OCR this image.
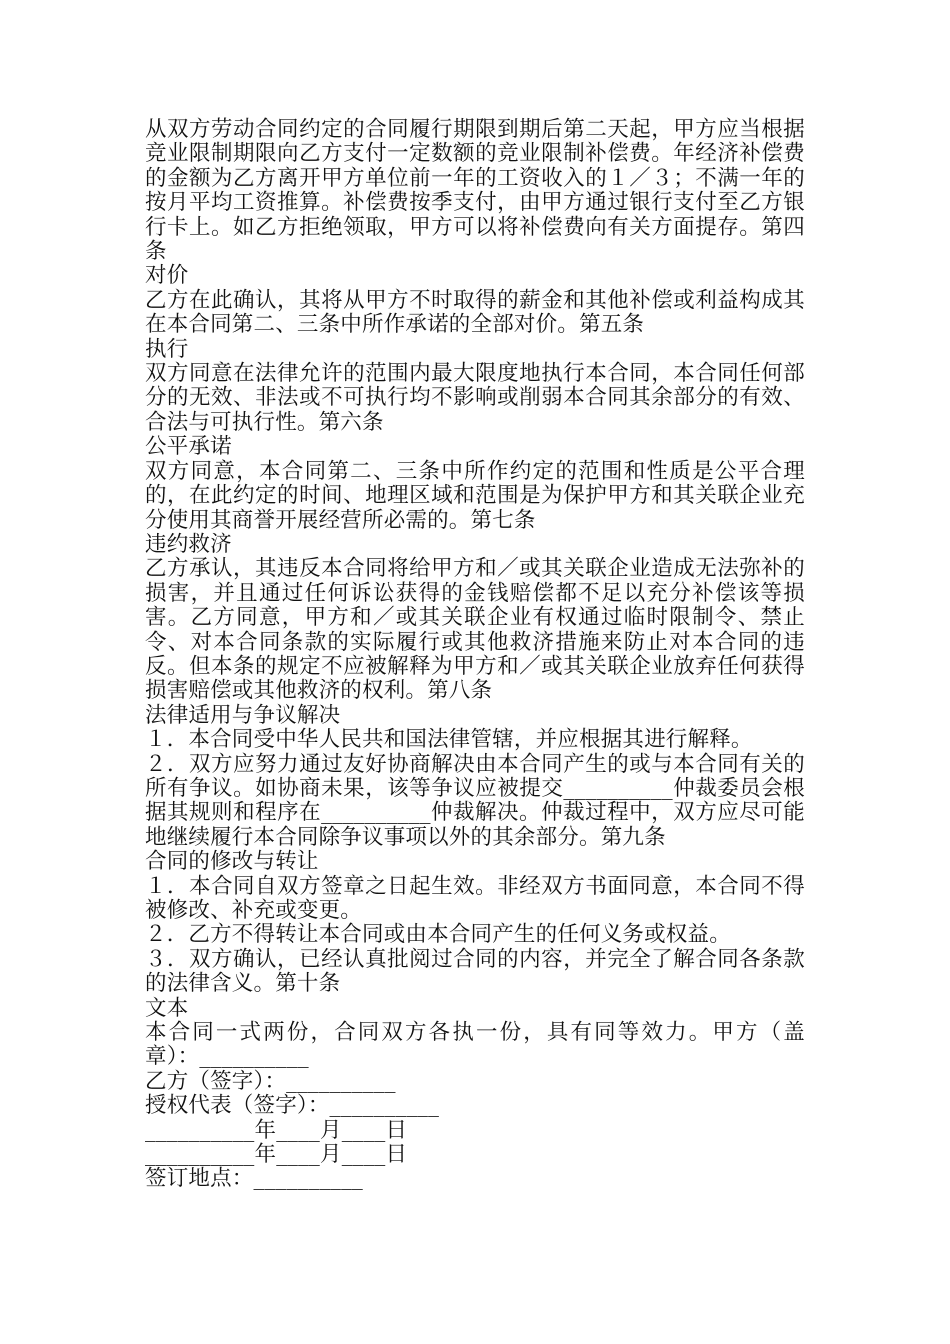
从双方劳动合同约定的合同履行期限到期后第二天起，甲方应当根据竞业限制期限向乙方支付一定数额的竞业限制补偿费。年经济补偿费的金额为乙方离开甲方单位前一年的工资收入的１／３；不满一年的按月平均工资推算。补偿费按季支付，由甲方通过银行支付至乙方银行卡上。如乙方拒绝领取，甲方可以将补偿费向有关方面提存。第四条
对价
乙方在此确认，其将从甲方不时取得的薪金和其他补偿或利益构成其在本合同第二、三条中所作承诺的全部对价。第五条
执行
双方同意在法律允许的范围内最大限度地执行本合同，本合同任何部分的无效、非法或不可执行均不影响或削弱本合同其余部分的有效、合法与可执行性。第六条
公平承诺
双方同意，本合同第二、三条中所作约定的范围和性质是公平合理的，在此约定的时间、地理区域和范围是为保护甲方和其关联企业充分使用其商誉开展经营所必需的。第七条
违约救济
乙方承认，其违反本合同将给甲方和／或其关联企业造成无法弥补的损害，并且通过任何诉讼获得的金钱赔偿都不足以充分补偿该等损害。乙方同意，甲方和／或其关联企业有权通过临时限制令、禁止令、对本合同条款的实际履行或其他救济措施来防止对本合同的违反。但本条的规定不应被解释为甲方和／或其关联企业放弃任何获得损害赔偿或其他救济的权利。第八条
法律适用与争议解决
１．本合同受中华人民共和国法律管辖，并应根据其进行解释。
２．双方应努力通过友好协商解决由本合同产生的或与本合同有关的所有争议。如协商未果，该等争议应被提交__________仲裁委员会根据其规则和程序在__________仲裁解决。仲裁过程中，双方应尽可能地继续履行本合同除争议事项以外的其余部分。第九条
合同的修改与转让
１．本合同自双方签章之日起生效。非经双方书面同意，本合同不得被修改、补充或变更。
２．乙方不得转让本合同或由本合同产生的任何义务或权益。
３．双方确认，已经认真批阅过合同的内容，并完全了解合同各条款的法律含义。第十条
文本
本合同一式两份，合同双方各执一份，具有同等效力。甲方（盖章）：__________
乙方（签字）：__________
授权代表（签字）：__________
__________年____月____日
__________年____月____日
签订地点：__________
